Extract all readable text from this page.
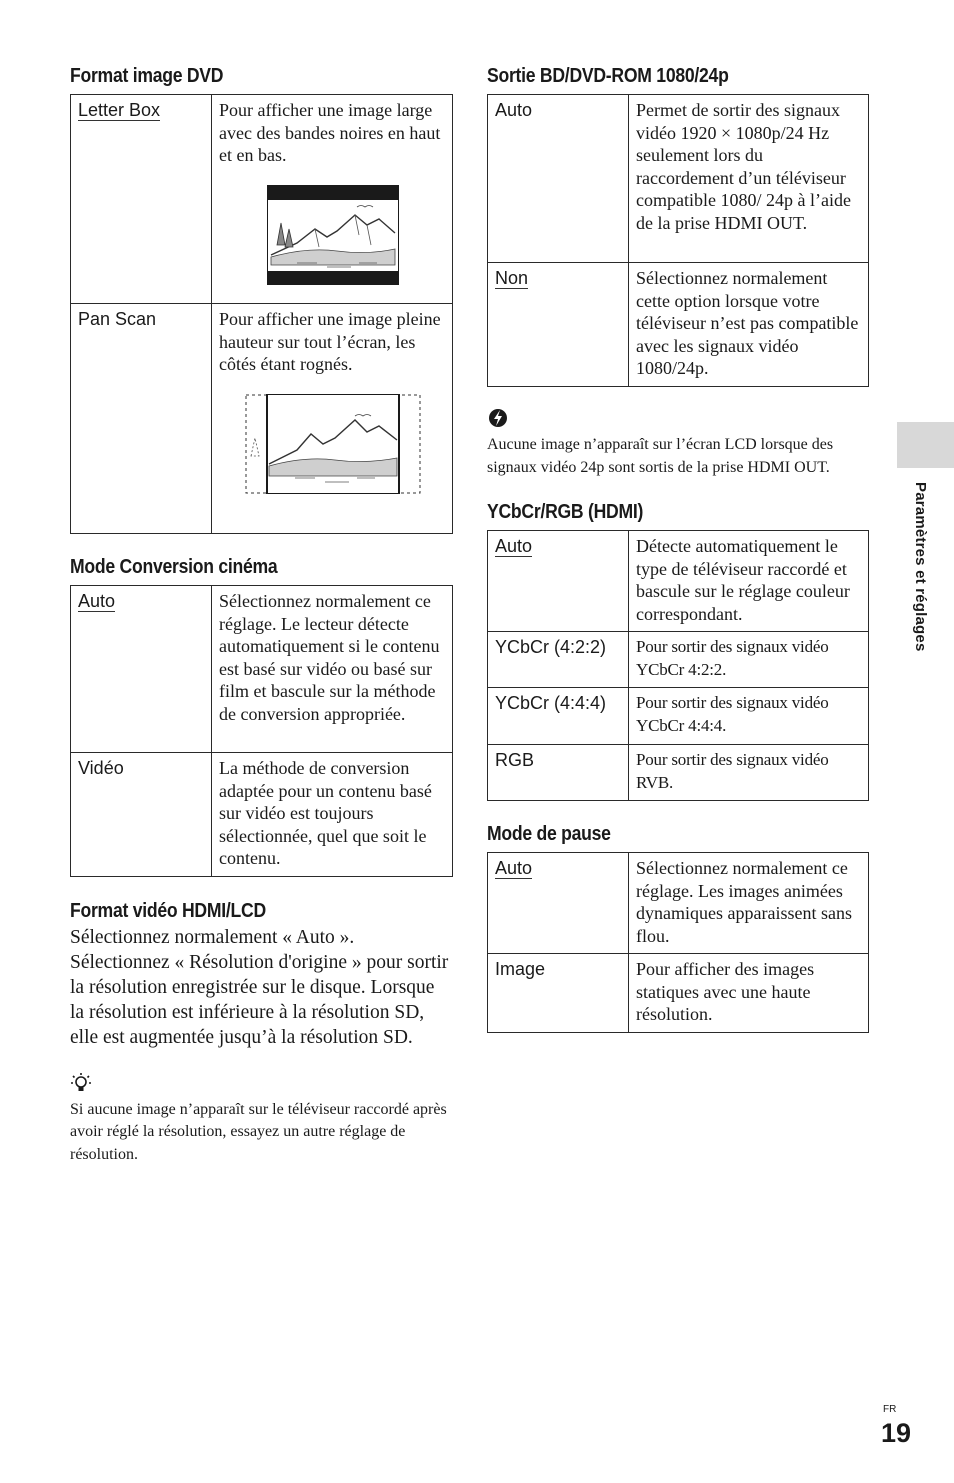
Format image DVD
Letter Box	Pour afficher une image large avec des bandes noires en haut et en bas.

Pan Scan	Pour afficher une image pleine hauteur sur tout l’écran, les côtés étant rognés.
Mode Conversion cinéma
Auto	Sélectionnez normalement ce réglage. Le lecteur détecte automatiquement si le contenu est basé sur vidéo ou basé sur film et bascule sur la méthode de conversion appropriée.
Vidéo	La méthode de conversion adaptée pour un contenu basé sur vidéo est toujours sélectionnée, quel que soit le contenu.
Format vidéo HDMI/LCD

Sélectionnez normalement « Auto ». Sélectionnez « Résolution d'origine » pour sortir la résolution enregistrée sur le disque. Lorsque la résolution est inférieure à la résolution SD, elle est augmentée jusqu’à la résolution SD.

Si aucune image n’apparaît sur le téléviseur raccordé après avoir réglé la résolution, essayez un autre réglage de résolution.

Sortie BD/DVD-ROM 1080/24p
Auto	Permet de sortir des signaux vidéo 1920 × 1080p/24 Hz seulement lors du raccordement d’un téléviseur compatible 1080/ 24p à l’aide de la prise HDMI OUT.
Non	Sélectionnez normalement cette option lorsque votre téléviseur n’est pas compatible avec les signaux vidéo 1080/24p.

Aucune image n’apparaît sur l’écran LCD lorsque des signaux vidéo 24p sont sortis de la prise HDMI OUT.

YCbCr/RGB (HDMI)
Auto	Détecte automatiquement le type de téléviseur raccordé et bascule sur le réglage couleur correspondant.
YCbCr (4:2:2)	Pour sortir des signaux vidéo YCbCr 4:2:2.
YCbCr (4:4:4)	Pour sortir des signaux vidéo YCbCr 4:4:4.
RGB	Pour sortir des signaux vidéo RVB.
Mode de pause
Auto	Sélectionnez normalement ce réglage. Les images animées dynamiques apparaissent sans flou.
Image	Pour afficher des images statiques avec une haute résolution.
Paramètres et réglages
FR
19
